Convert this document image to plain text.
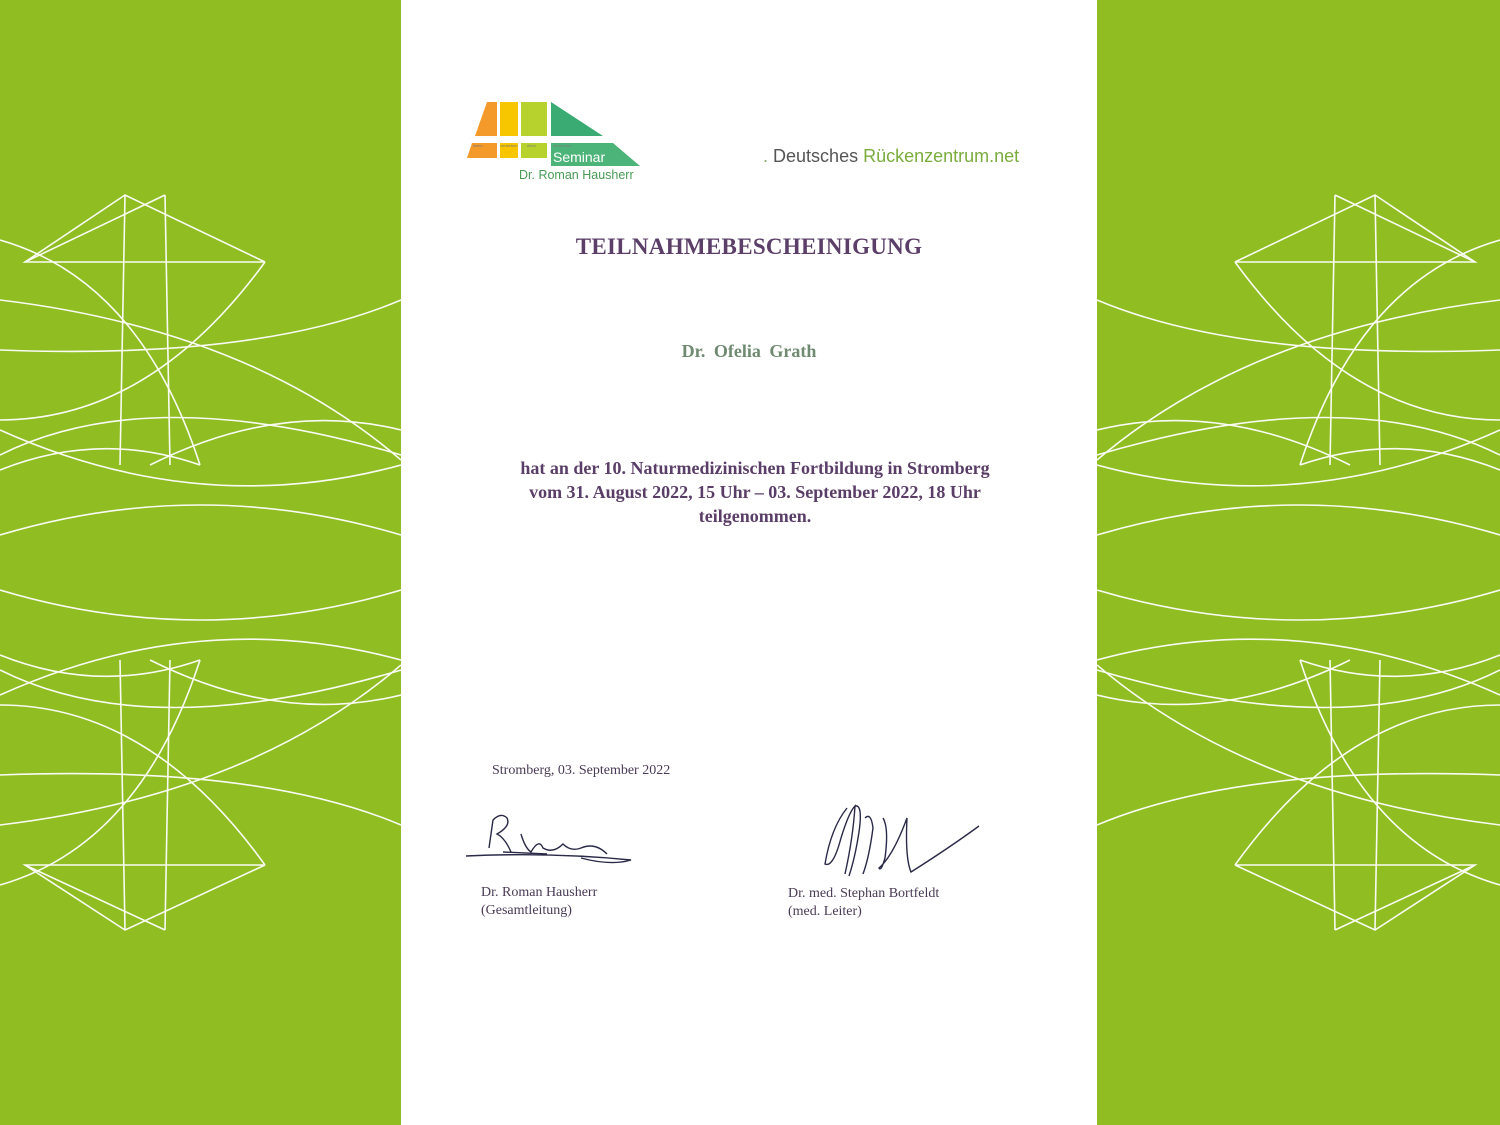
lesen	verstehen üben	anwenden
Seminar
Dr. Roman Hausherr
. Deutsches Rückenzentrum.net
TEILNAHMEBESCHEINIGUNG
Dr. Ofelia Grath
hat an der 10. Naturmedizinischen Fortbildung in Stromberg
vom 31. August 2022, 15 Uhr – 03. September 2022, 18 Uhr
teilgenommen.
Stromberg, 03. September 2022
Dr. Roman Hausherr
(Gesamtleitung)
Dr. med. Stephan Bortfeldt
(med. Leiter)
